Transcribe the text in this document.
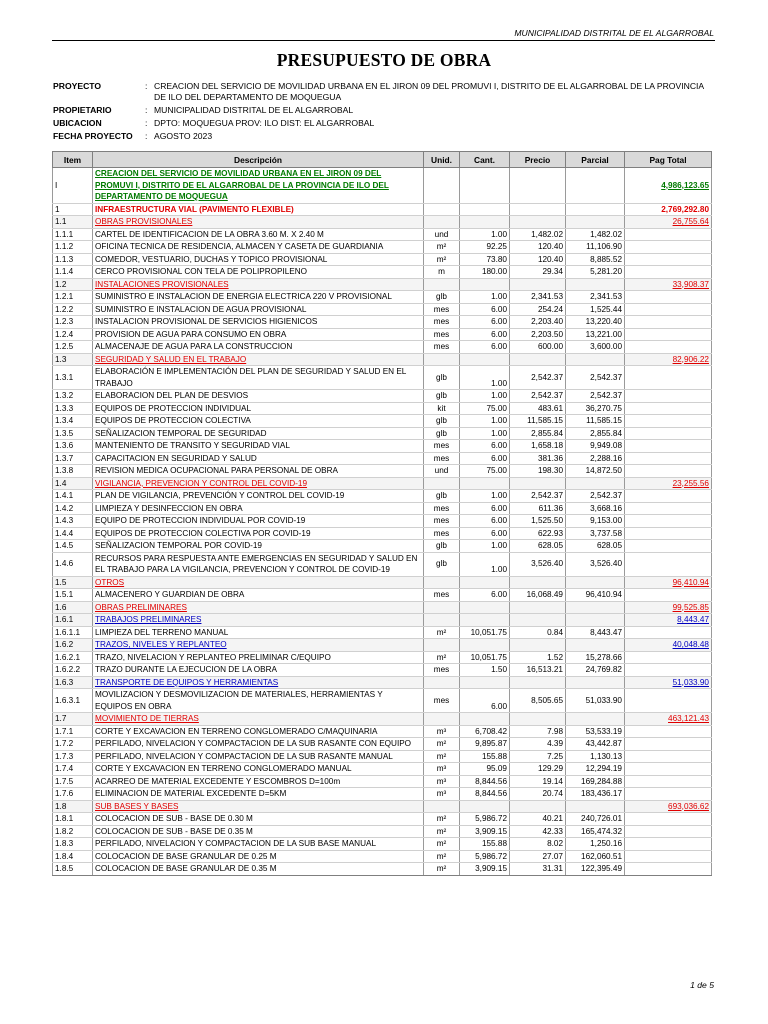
MUNICIPALIDAD DISTRITAL DE EL ALGARROBAL
PRESUPUESTO DE OBRA
PROYECTO	: CREACION DEL SERVICIO DE MOVILIDAD URBANA EN EL JIRON 09 DEL PROMUVI I, DISTRITO DE EL ALGARROBAL DE LA PROVINCIA DE ILO DEL DEPARTAMENTO DE MOQUEGUA
PROPIETARIO	: MUNICIPALIDAD DISTRITAL DE EL ALGARROBAL
UBICACION	: DPTO: MOQUEGUA PROV: ILO DIST: EL ALGARROBAL
FECHA PROYECTO	: AGOSTO 2023
Item	Descripción	Unid.	Cant.	Precio	Parcial	Pag Total
I	CREACION DEL SERVICIO DE MOVILIDAD URBANA EN EL JIRON 09 DEL PROMUVI I, DISTRITO DE EL ALGARROBAL DE LA PROVINCIA DE ILO DEL DEPARTAMENTO DE MOQUEGUA					4,986,123.65
1	INFRAESTRUCTURA VIAL (PAVIMENTO FLEXIBLE)					2,769,292.80
1.1	OBRAS PROVISIONALES					26,755.64
1.1.1	CARTEL DE IDENTIFICACION DE LA OBRA 3.60 M. X 2.40 M	und	1.00	1,482.02	1,482.02	
1.1.2	OFICINA TECNICA DE RESIDENCIA, ALMACEN Y CASETA DE GUARDIANIA	m²	92.25	120.40	11,106.90	
1.1.3	COMEDOR, VESTUARIO, DUCHAS Y TOPICO PROVISIONAL	m²	73.80	120.40	8,885.52	
1.1.4	CERCO PROVISIONAL CON TELA DE POLIPROPILENO	m	180.00	29.34	5,281.20	
1.2	INSTALACIONES PROVISIONALES					33,908.37
1.2.1	SUMINISTRO E INSTALACION DE ENERGIA ELECTRICA 220 V PROVISIONAL	glb	1.00	2,341.53	2,341.53	
1.2.2	SUMINISTRO E INSTALACION DE AGUA PROVISIONAL	mes	6.00	254.24	1,525.44	
1.2.3	INSTALACION PROVISIONAL DE SERVICIOS HIGIENICOS	mes	6.00	2,203.40	13,220.40	
1.2.4	PROVISION DE AGUA PARA CONSUMO EN OBRA	mes	6.00	2,203.50	13,221.00	
1.2.5	ALMACENAJE DE AGUA PARA LA CONSTRUCCION	mes	6.00	600.00	3,600.00	
1.3	SEGURIDAD Y SALUD EN EL TRABAJO					82,906.22
1.3.1	ELABORACIÓN E IMPLEMENTACIÓN DEL PLAN DE SEGURIDAD Y SALUD EN EL TRABAJO	glb	1.00	2,542.37	2,542.37	
1.3.2	ELABORACION DEL PLAN DE DESVIOS	glb	1.00	2,542.37	2,542.37	
1.3.3	EQUIPOS DE PROTECCION INDIVIDUAL	kit	75.00	483.61	36,270.75	
1.3.4	EQUIPOS DE PROTECCION COLECTIVA	glb	1.00	11,585.15	11,585.15	
1.3.5	SEÑALIZACION TEMPORAL DE SEGURIDAD	glb	1.00	2,855.84	2,855.84	
1.3.6	MANTENIENTO DE TRANSITO Y SEGURIDAD VIAL	mes	6.00	1,658.18	9,949.08	
1.3.7	CAPACITACION EN SEGURIDAD Y SALUD	mes	6.00	381.36	2,288.16	
1.3.8	REVISION MEDICA OCUPACIONAL PARA PERSONAL DE OBRA	und	75.00	198.30	14,872.50	
1.4	VIGILANCIA, PREVENCION Y CONTROL DEL COVID-19					23,255.56
1.4.1	PLAN DE VIGILANCIA, PREVENCIÓN Y CONTROL DEL COVID-19	glb	1.00	2,542.37	2,542.37	
1.4.2	LIMPIEZA Y DESINFECCION EN OBRA	mes	6.00	611.36	3,668.16	
1.4.3	EQUIPO DE PROTECCION INDIVIDUAL POR COVID-19	mes	6.00	1,525.50	9,153.00	
1.4.4	EQUIPOS DE PROTECCION COLECTIVA POR COVID-19	mes	6.00	622.93	3,737.58	
1.4.5	SEÑALIZACION TEMPORAL POR COVID-19	glb	1.00	628.05	628.05	
1.4.6	RECURSOS PARA RESPUESTA ANTE EMERGENCIAS EN SEGURIDAD Y SALUD EN EL TRABAJO PARA LA VIGILANCIA, PREVENCION Y CONTROL DE COVID-19	glb	1.00	3,526.40	3,526.40	
1.5	OTROS					96,410.94
1.5.1	ALMACENERO Y GUARDIAN DE OBRA	mes	6.00	16,068.49	96,410.94	
1.6	OBRAS PRELIMINARES					99,525.85
1.6.1	TRABAJOS PRELIMINARES					8,443.47
1.6.1.1	LIMPIEZA DEL TERRENO MANUAL	m²	10,051.75	0.84	8,443.47	
1.6.2	TRAZOS, NIVELES Y REPLANTEO					40,048.48
1.6.2.1	TRAZO, NIVELACION Y REPLANTEO PRELIMINAR C/EQUIPO	m²	10,051.75	1.52	15,278.66	
1.6.2.2	TRAZO DURANTE LA EJECUCION DE LA OBRA	mes	1.50	16,513.21	24,769.82	
1.6.3	TRANSPORTE DE EQUIPOS Y HERRAMIENTAS					51,033.90
1.6.3.1	MOVILIZACION Y DESMOVILIZACION DE MATERIALES, HERRAMIENTAS Y EQUIPOS EN OBRA	mes	6.00	8,505.65	51,033.90	
1.7	MOVIMIENTO DE TIERRAS					463,121.43
1.7.1	CORTE Y EXCAVACION EN TERRENO CONGLOMERADO C/MAQUINARIA	m³	6,708.42	7.98	53,533.19	
1.7.2	PERFILADO, NIVELACION Y COMPACTACION DE LA SUB RASANTE CON EQUIPO	m²	9,895.87	4.39	43,442.87	
1.7.3	PERFILADO, NIVELACION Y COMPACTACION DE LA SUB RASANTE MANUAL	m²	155.88	7.25	1,130.13	
1.7.4	CORTE Y EXCAVACION EN TERRENO CONGLOMERADO MANUAL	m³	95.09	129.29	12,294.19	
1.7.5	ACARREO DE MATERIAL EXCEDENTE Y ESCOMBROS D=100m	m³	8,844.56	19.14	169,284.88	
1.7.6	ELIMINACION DE MATERIAL EXCEDENTE D=5KM	m³	8,844.56	20.74	183,436.17	
1.8	SUB BASES Y BASES					693,036.62
1.8.1	COLOCACION DE SUB - BASE DE 0.30 M	m²	5,986.72	40.21	240,726.01	
1.8.2	COLOCACION DE SUB - BASE DE 0.35 M	m²	3,909.15	42.33	165,474.32	
1.8.3	PERFILADO, NIVELACION Y COMPACTACION DE LA SUB BASE MANUAL	m²	155.88	8.02	1,250.16	
1.8.4	COLOCACION DE BASE GRANULAR DE 0.25 M	m²	5,986.72	27.07	162,060.51	
1.8.5	COLOCACION DE BASE GRANULAR DE 0.35 M	m²	3,909.15	31.31	122,395.49	
1 de 5
